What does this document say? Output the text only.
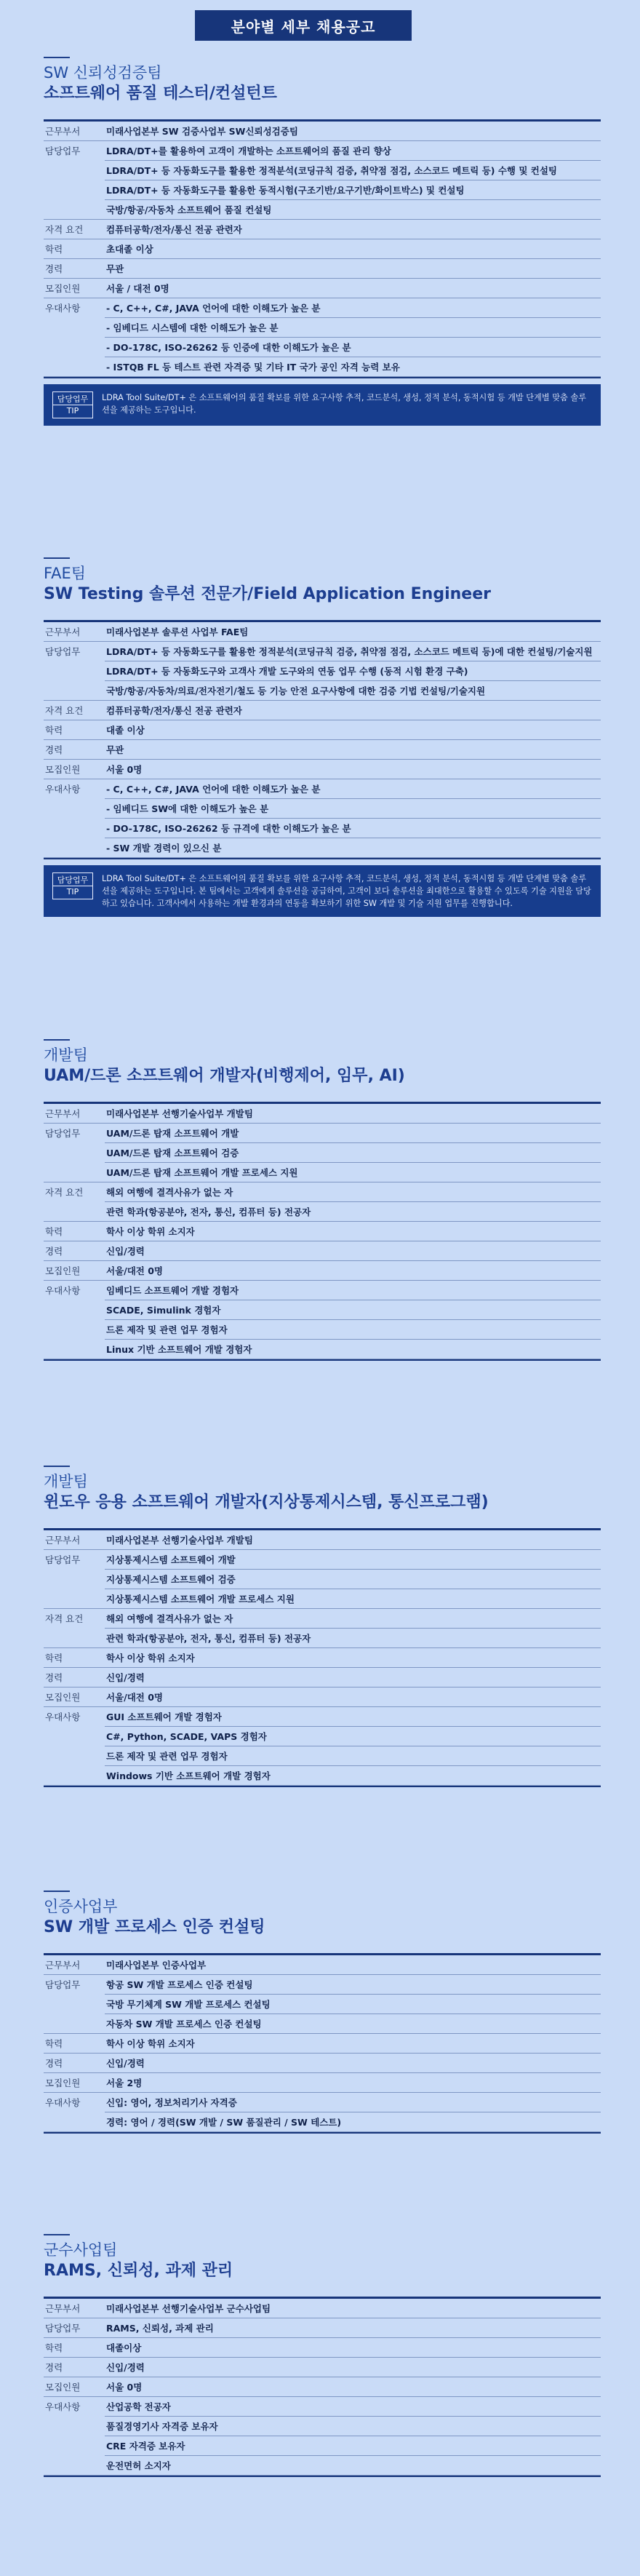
분야별 세부 채용공고
SW 신뢰성검증팀
소프트웨어 품질 테스터/컨설턴트
근무부서	미래사업본부 SW 검증사업부 SW신뢰성검증팀
담당업무	LDRA/DT+를 활용하여 고객이 개발하는 소프트웨어의 품질 관리 향상
	LDRA/DT+ 등 자동화도구를 활용한 정적분석(코딩규칙 검증, 취약점 점검, 소스코드 메트릭 등) 수행 및 컨설팅
	LDRA/DT+ 등 자동화도구를 활용한 동적시험(구조기반/요구기반/화이트박스) 및 컨설팅
	국방/항공/자동차 소프트웨어 품질 컨설팅
자격 요건	컴퓨터공학/전자/통신 전공 관련자
학력	초대졸 이상
경력	무관
모집인원	서울 / 대전 0명
우대사항	- C, C++, C#, JAVA 언어에 대한 이해도가 높은 분
	- 임베디드 시스템에 대한 이해도가 높은 분
	- DO-178C, ISO-26262 등 인증에 대한 이해도가 높은 분
	- ISTQB FL 등 테스트 관련 자격증 및 기타 IT 국가 공인 자격 능력 보유
담당업무
TIP
LDRA Tool Suite/DT+ 은 소프트웨어의 품질 확보를 위한 요구사항 추적, 코드분석, 생성, 정적 분석, 동적시험 등 개발 단계별 맞춤 솔루션을 제공하는 도구입니다.
FAE팀
SW Testing 솔루션 전문가/Field Application Engineer
근무부서	미래사업본부 솔루션 사업부 FAE팀
담당업무	LDRA/DT+ 등 자동화도구를 활용한 정적분석(코딩규칙 검증, 취약점 점검, 소스코드 메트릭 등)에 대한 컨설팅/기술지원
	LDRA/DT+ 등 자동화도구와 고객사 개발 도구와의 연동 업무 수행 (동적 시험 환경 구축)
	국방/항공/자동차/의료/전자전기/철도 등 기능 안전 요구사항에 대한 검증 기법 컨설팅/기술지원
자격 요건	컴퓨터공학/전자/통신 전공 관련자
학력	대졸 이상
경력	무관
모집인원	서울 0명
우대사항	- C, C++, C#, JAVA 언어에 대한 이해도가 높은 분
	- 임베디드 SW에 대한 이해도가 높은 분
	- DO-178C, ISO-26262 등 규격에 대한 이해도가 높은 분
	- SW 개발 경력이 있으신 분
담당업무
TIP
LDRA Tool Suite/DT+ 은 소프트웨어의 품질 확보를 위한 요구사항 추적, 코드분석, 생성, 정적 분석, 동적시험 등 개발 단계별 맞춤 솔루션을 제공하는 도구입니다. 본 팀에서는 고객에게 솔루션을 공급하여, 고객이 보다 솔루션을 최대한으로 활용할 수 있도록 기술 지원을 담당하고 있습니다. 고객사에서 사용하는 개발 환경과의 연동을 확보하기 위한 SW 개발 및 기술 지원 업무를 진행합니다.
개발팀
UAM/드론 소프트웨어 개발자(비행제어, 임무, AI)
근무부서	미래사업본부 선행기술사업부 개발팀
담당업무	UAM/드론 탑재 소프트웨어 개발
	UAM/드론 탑재 소프트웨어 검증
	UAM/드론 탑재 소프트웨어 개발 프로세스 지원
자격 요건	해외 여행에 결격사유가 없는 자
	관련 학과(항공분야, 전자, 통신, 컴퓨터 등) 전공자
학력	학사 이상 학위 소지자
경력	신입/경력
모집인원	서울/대전 0명
우대사항	임베디드 소프트웨어 개발 경험자
	SCADE, Simulink 경험자
	드론 제작 및 관련 업무 경험자
	Linux 기반 소프트웨어 개발 경험자
개발팀
윈도우 응용 소프트웨어 개발자(지상통제시스템, 통신프로그램)
근무부서	미래사업본부 선행기술사업부 개발팀
담당업무	지상통제시스템 소프트웨어 개발
	지상통제시스템 소프트웨어 검증
	지상통제시스템 소프트웨어 개발 프로세스 지원
자격 요건	해외 여행에 결격사유가 없는 자
	관련 학과(항공분야, 전자, 통신, 컴퓨터 등) 전공자
학력	학사 이상 학위 소지자
경력	신입/경력
모집인원	서울/대전 0명
우대사항	GUI 소프트웨어 개발 경험자
	C#, Python, SCADE, VAPS 경험자
	드론 제작 및 관련 업무 경험자
	Windows 기반 소프트웨어 개발 경험자
인증사업부
SW 개발 프로세스 인증 컨설팅
근무부서	미래사업본부 인증사업부
담당업무	항공 SW 개발 프로세스 인증 컨설팅
	국방 무기체계 SW 개발 프로세스 컨설팅
	자동차 SW 개발 프로세스 인증 컨설팅
학력	학사 이상 학위 소지자
경력	신입/경력
모집인원	서울 2명
우대사항	신입: 영어, 정보처리기사 자격증
	경력: 영어 / 경력(SW 개발 / SW 품질관리 / SW 테스트)
군수사업팀
RAMS, 신뢰성, 과제 관리
근무부서	미래사업본부 선행기술사업부 군수사업팀
담당업무	RAMS, 신뢰성, 과제 관리
학력	대졸이상
경력	신입/경력
모집인원	서울 0명
우대사항	산업공학 전공자
	품질경영기사 자격증 보유자
	CRE 자격증 보유자
	운전면허 소지자
